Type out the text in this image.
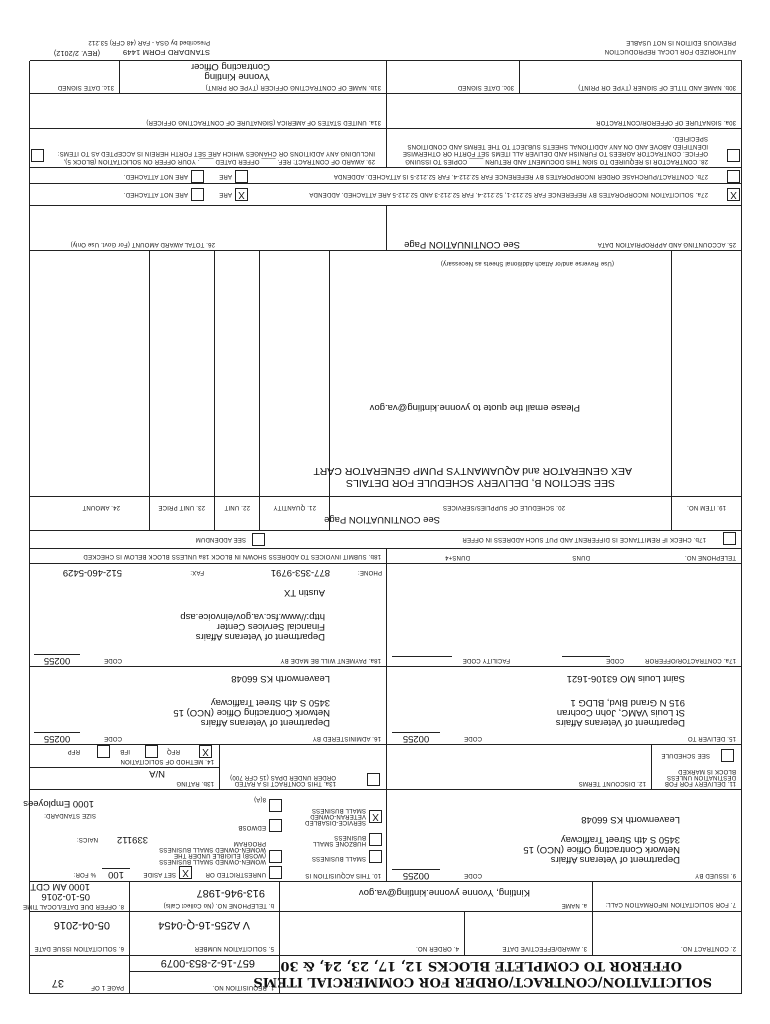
SOLICITATION/CONTRACT/ORDER FOR COMMERCIAL ITEMS
OFFEROR TO COMPLETE BLOCKS 12, 17, 23, 24, & 30
1. REQUISITION NO.
657-16-2-853-0079
PAGE 1 OF
37
2. CONTRACT NO.
3. AWARD/EFFECTIVE DATE
4. ORDER NO.
5. SOLICITATION NUMBER
V A255-16-Q-0454
6. SOLICITATION ISSUE DATE
05-04-2016
7. FOR SOLICITATION INFORMATION CALL:
a. NAME
Kintling, Yvonne yvonne.kintling@va.gov
b. TELEPHONE NO. (No Collect Calls)
913-946-1987
8. OFFER DUE DATE/LOCAL TIME
05-10-2016
1000 AM CDT
9. ISSUED BY
CODE
00255
Department of Veterans Affairs
Network Contracting Office (NCO) 15
3450 S 4th Street Trafficway
Leavenworth KS 66048
10. THIS ACQUISITION IS
UNRESTRICTED OR
X
SET ASIDE
100
% FOR:
SMALL BUSINESS
HUBZONE SMALL BUSINESS
X
SERVICE-DISABLED VETERAN-OWNED SMALL BUSINESS
WOMEN-OWNED SMALL BUSINESS (WOSB) ELIGIBLE UNDER THE WOMEN-OWNED SMALL BUSINESS PROGRAM
EDWOSB
8(A)
NAICS: 339112
SIZE STANDARD:
1000 Employees
11. DELIVERY FOR FOB DESTINATION UNLESS BLOCK IS MARKED
SEE SCHEDULE
12. DISCOUNT TERMS
13a. THIS CONTRACT IS A RATED ORDER UNDER DPAS (15 CFR 700)
13b. RATING
N/A
14. METHOD OF SOLICITATION
X
RFQ
IFB
RFP
15. DELIVER TO
CODE
00255
Department of Veterans Affairs
St Louis VAMC, John Cochran
915 N Grand Blvd, BLDG 1
Saint Louis MO 63106-1621
16. ADMINISTERED BY
CODE
00255
Department of Veterans Affairs
Network Contracting Office (NCO) 15
3450 S 4th Street Trafficway
Leavenworth KS 66048
17a. CONTRACTOR/OFFEROR
CODE
FACILITY CODE
18a. PAYMENT WILL BE MADE BY
CODE
00255
Department of Veterans Affairs
Financial Services Center
http://www.fsc.va.gov/einvoice.asp
Austin TX
TELEPHONE NO.
DUNS
DUNS+4
PHONE:
877-353-9791
FAX:
512-460-5429
17b. CHECK IF REMITTANCE IS DIFFERENT AND PUT SUCH ADDRESS IN OFFER
18b. SUBMIT INVOICES TO ADDRESS SHOWN IN BLOCK 18a UNLESS BLOCK BELOW IS CHECKED
SEE ADDENDUM
19. ITEM NO.
20. SCHEDULE OF SUPPLIES/SERVICES
21. QUANTITY
22. UNIT
23. UNIT PRICE
24. AMOUNT
See CONTINUATION Page
SEE SECTION B, DELIVERY SCHEDULE FOR DETAILS
AEX GENERATOR and AQUAMANTYS PUMP GENERATOR CART
Please email the quote to yvonne.kintling@va.gov
(Use Reverse and/or Attach Additional Sheets as Necessary)
25. ACCOUNTING AND APPROPRIATION DATA
See CONTINUATION Page
26. TOTAL AWARD AMOUNT (For Govt. Use Only)
X
27a. SOLICITATION INCORPORATES BY REFERENCE FAR 52.212-1, 52.212-4. FAR 52.212-3 AND 52.212-5 ARE ATTACHED. ADDENDA
X
ARE
ARE NOT ATTACHED.
27b. CONTRACT/PURCHASE ORDER INCORPORATES BY REFERENCE FAR 52.212-4. FAR 52.212-5 IS ATTACHED. ADDENDA
ARE
ARE NOT ATTACHED.
28. CONTRACTOR IS REQUIRED TO SIGN THIS DOCUMENT AND RETURN ____ COPIES TO ISSUING OFFICE. CONTRACTOR AGREES TO FURNISH AND DELIVER ALL ITEMS SET FORTH OR OTHERWISE IDENTIFIED ABOVE AND ON ANY ADDITIONAL SHEETS SUBJECT TO THE TERMS AND CONDITIONS SPECIFIED.
29. AWARD OF CONTRACT: REF. ____ OFFER DATED ____. YOUR OFFER ON SOLICITATION (BLOCK 5), INCLUDING ANY ADDITIONS OR CHANGES WHICH ARE SET FORTH HEREIN IS ACCEPTED AS TO ITEMS:
30a. SIGNATURE OF OFFEROR/CONTRACTOR
31a. UNITED STATES OF AMERICA (SIGNATURE OF CONTRACTING OFFICER)
30b. NAME AND TITLE OF SIGNER (TYPE OR PRINT)
30c. DATE SIGNED
31b. NAME OF CONTRACTING OFFICER (TYPE OR PRINT)
Yvonne Kintling
Contracting Officer
31c. DATE SIGNED
AUTHORIZED FOR LOCAL REPRODUCTION
PREVIOUS EDITION IS NOT USABLE
STANDARD FORM 1449
(REV. 2/2012)
Prescribed by GSA - FAR (48 CFR) 53.212
